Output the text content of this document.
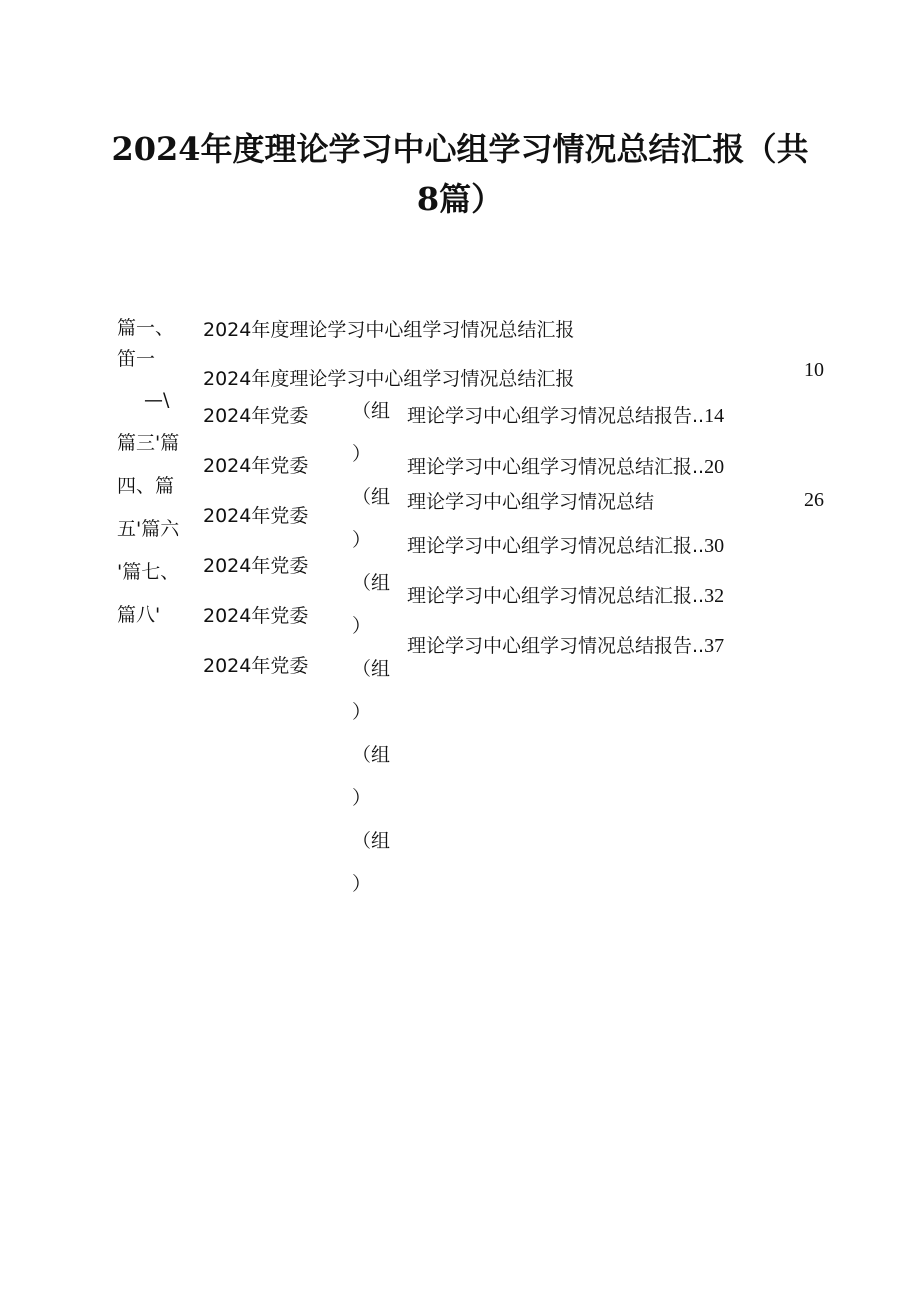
2024年度理论学习中心组学习情况总结汇报（共
8篇）
篇一、
笛一
—\
篇三'篇
四、篇
五'篇六
'篇七、
篇八'
2024年度理论学习中心组学习情况总结汇报
2024年度理论学习中心组学习情况总结汇报
2024年党委
2024年党委
2024年党委
2024年党委
2024年党委
2024年党委
（组
）
（组
）
（组
）
（组
）
（组
）
（组
）
理论学习中心组学习情况总结报告..14
理论学习中心组学习情况总结汇报..20
理论学习中心组学习情况总结
理论学习中心组学习情况总结汇报..30
理论学习中心组学习情况总结汇报..32
理论学习中心组学习情况总结报告..37
10
26
